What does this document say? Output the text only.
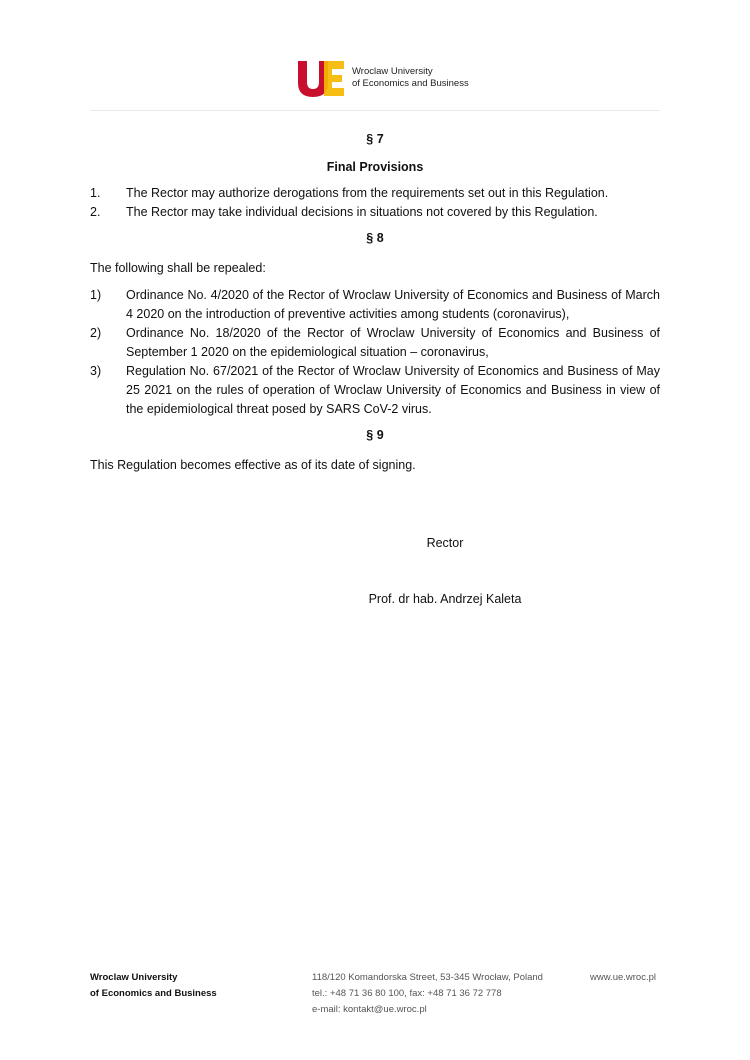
Wroclaw University
of Economics and Business
§ 7
Final Provisions
1.	The Rector may authorize derogations from the requirements set out in this Regulation.
2.	The Rector may take individual decisions in situations not covered by this Regulation.
§ 8

The following shall be repealed:

1)	Ordinance No. 4/2020 of the Rector of Wroclaw University of Economics and Business of March 4 2020 on the introduction of preventive activities among students (coronavirus),
2)	Ordinance No. 18/2020 of the Rector of Wroclaw University of Economics and Business of September 1 2020 on the epidemiological situation – coronavirus,
3)	Regulation No. 67/2021 of the Rector of Wroclaw University of Economics and Business of May 25 2021 on the rules of operation of Wroclaw University of Economics and Business in view of the epidemiological threat posed by SARS CoV-2 virus.
§ 9

This Regulation becomes effective as of its date of signing.

Rector
Prof. dr hab. Andrzej Kaleta
Wroclaw University
of Economics and Business
118/120 Komandorska Street, 53-345 Wrocław, Poland
tel.: +48 71 36 80 100, fax: +48 71 36 72 778
e-mail: kontakt@ue.wroc.pl
www.ue.wroc.pl
